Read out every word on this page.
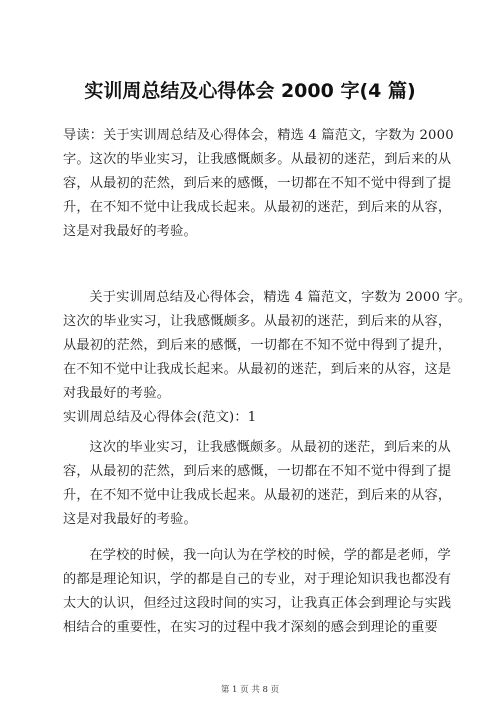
实训周总结及心得体会 2000 字(4 篇)
导读：关于实训周总结及心得体会，精选 4 篇范文，字数为 2000
字。这次的毕业实习，让我感慨颇多。从最初的迷茫，到后来的从
容，从最初的茫然，到后来的感慨，一切都在不知不觉中得到了提
升，在不知不觉中让我成长起来。从最初的迷茫，到后来的从容，
这是对我最好的考验。
关于实训周总结及心得体会，精选 4 篇范文，字数为 2000 字。
这次的毕业实习，让我感慨颇多。从最初的迷茫，到后来的从容，
从最初的茫然，到后来的感慨，一切都在不知不觉中得到了提升，
在不知不觉中让我成长起来。从最初的迷茫，到后来的从容，这是
对我最好的考验。
实训周总结及心得体会(范文)：1
这次的毕业实习，让我感慨颇多。从最初的迷茫，到后来的从
容，从最初的茫然，到后来的感慨，一切都在不知不觉中得到了提
升，在不知不觉中让我成长起来。从最初的迷茫，到后来的从容，
这是对我最好的考验。
在学校的时候，我一向认为在学校的时候，学的都是老师，学
的都是理论知识，学的都是自己的专业，对于理论知识我也都没有
太大的认识，但经过这段时间的实习，让我真正体会到理论与实践
相结合的重要性，在实习的过程中我才深刻的感会到理论的重要
第 1 页 共 8 页
